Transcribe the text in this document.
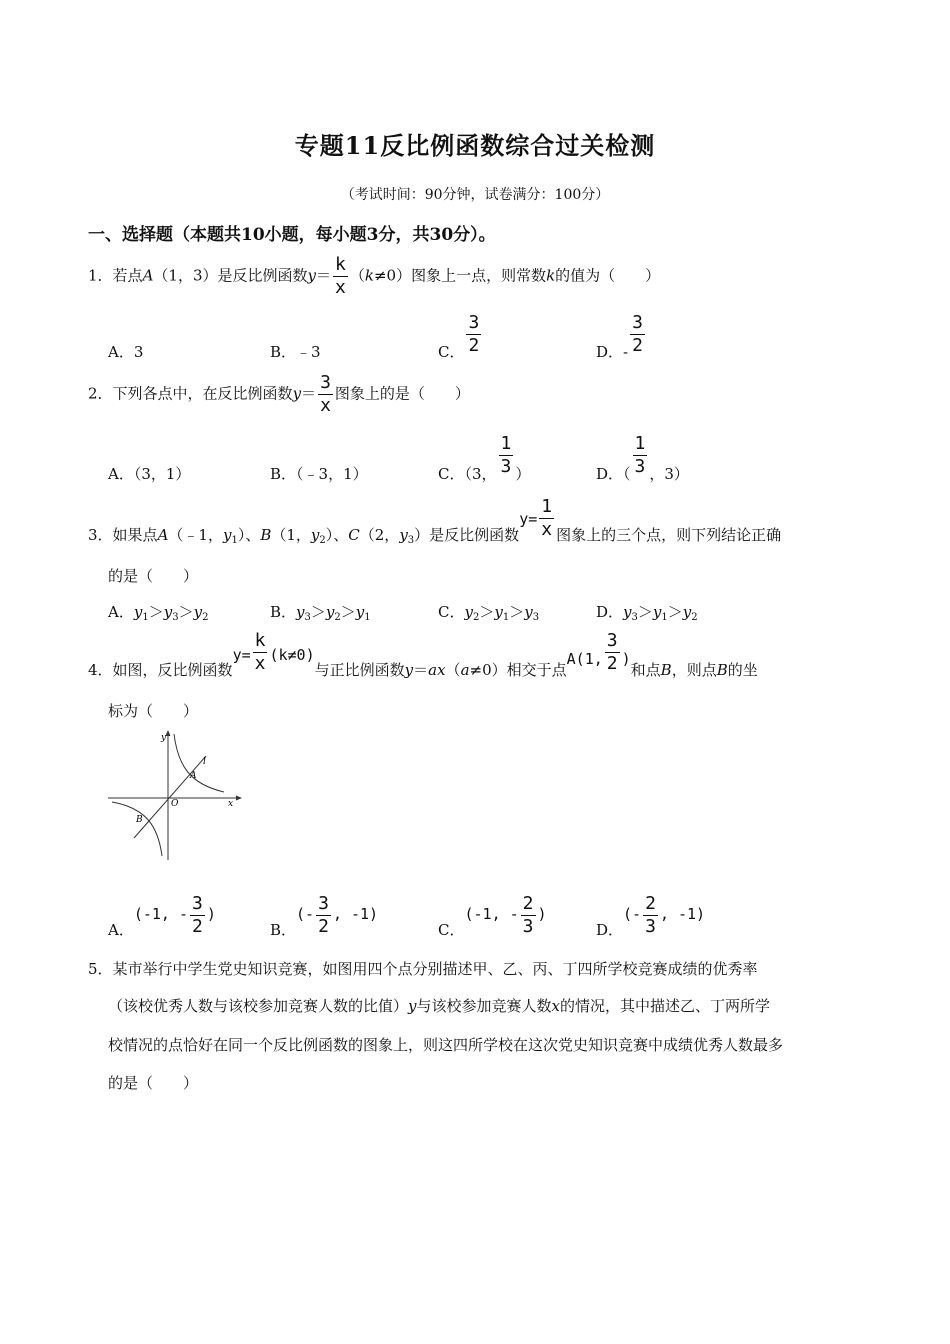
专题11反比例函数综合过关检测
（考试时间：90分钟，试卷满分：100分）
一、选择题（本题共10小题，每小题3分，共30分）。
1．若点A（1，3）是反比例函数$y= \frac{k}{x} (k\ne 0)$图象上一点，则常数k的值为（　　）
A．3	B．﹣3	C． $\frac{3}{2}$	D．- $\frac{3}{2}$
2．下列各点中，在反比例函数$y= \frac{3}{x}$ 图象上的是（　　）
A．（3，1）	B．（﹣3，1）	C．（3， $\frac{1}{3}$ ）	D．（ $\frac{1}{3}$ ，3）
3．如果点A（﹣1，$y_1$）、B（1，$y_2$）、C（2，$y_3$）是反比例函数$y= \frac{1}{x}$ 图象上的三个点，则下列结论正确
的是（　　）
A．$y_1>y_3>y_2$	B．$y_3>y_2>y_1$	C．$y_2>y_1>y_3$	D．$y_3>y_1>y_2$
4．如图，反比例函数$y= \frac{k}{x} (k\ne 0)$与正比例函数y＝ax（a≠0）相交于点A(1, $\frac{3}{2}$ )和点B，则点B的坐
标为（　　）
y
x
O
l
A
B
A．(-1, - $\frac{3}{2}$ )
B．(- $\frac{3}{2}$ , -1)
C．(-1, - $\frac{2}{3}$ )
D．(- $\frac{2}{3}$ , -1)
5．某市举行中学生党史知识竞赛，如图用四个点分别描述甲、乙、丙、丁四所学校竞赛成绩的优秀率
（该校优秀人数与该校参加竞赛人数的比值）y与该校参加竞赛人数x的情况，其中描述乙、丁两所学
校情况的点恰好在同一个反比例函数的图象上，则这四所学校在这次党史知识竞赛中成绩优秀人数最多
的是（　　）
